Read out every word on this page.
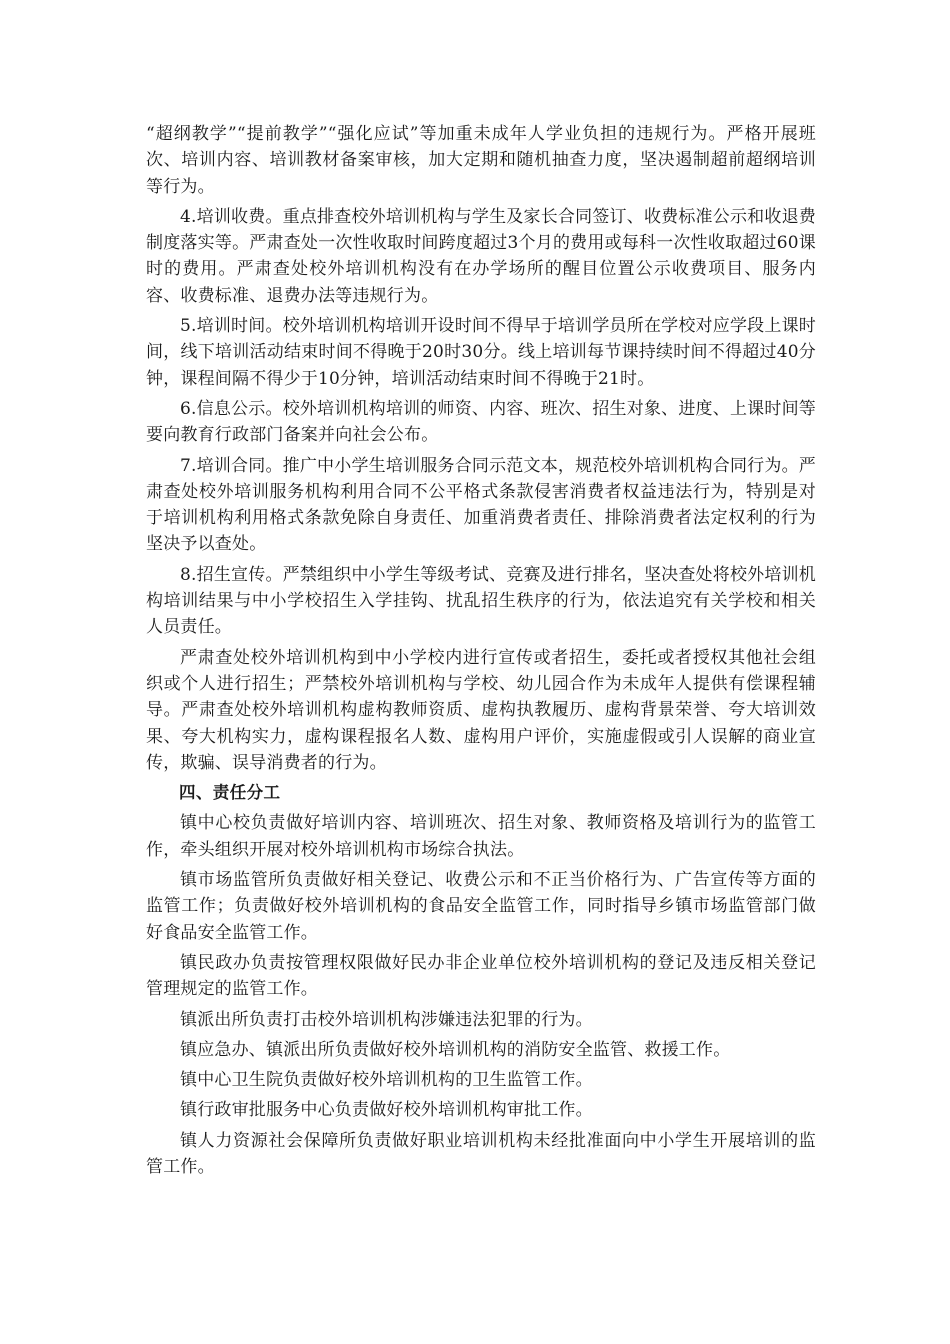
“超纲教学”“提前教学”“强化应试”等加重未成年人学业负担的违规行为。严格开展班次、培训内容、培训教材备案审核，加大定期和随机抽查力度，坚决遏制超前超纲培训等行为。

4.培训收费。重点排查校外培训机构与学生及家长合同签订、收费标准公示和收退费制度落实等。严肃查处一次性收取时间跨度超过3个月的费用或每科一次性收取超过60课时的费用。严肃查处校外培训机构没有在办学场所的醒目位置公示收费项目、服务内容、收费标准、退费办法等违规行为。

5.培训时间。校外培训机构培训开设时间不得早于培训学员所在学校对应学段上课时间，线下培训活动结束时间不得晚于20时30分。线上培训每节课持续时间不得超过40分钟，课程间隔不得少于10分钟，培训活动结束时间不得晚于21时。

6.信息公示。校外培训机构培训的师资、内容、班次、招生对象、进度、上课时间等要向教育行政部门备案并向社会公布。

7.培训合同。推广中小学生培训服务合同示范文本，规范校外培训机构合同行为。严肃查处校外培训服务机构利用合同不公平格式条款侵害消费者权益违法行为，特别是对于培训机构利用格式条款免除自身责任、加重消费者责任、排除消费者法定权利的行为坚决予以查处。

8.招生宣传。严禁组织中小学生等级考试、竞赛及进行排名，坚决查处将校外培训机构培训结果与中小学校招生入学挂钩、扰乱招生秩序的行为，依法追究有关学校和相关人员责任。

严肃查处校外培训机构到中小学校内进行宣传或者招生，委托或者授权其他社会组织或个人进行招生；严禁校外培训机构与学校、幼儿园合作为未成年人提供有偿课程辅导。严肃查处校外培训机构虚构教师资质、虚构执教履历、虚构背景荣誉、夸大培训效果、夸大机构实力，虚构课程报名人数、虚构用户评价，实施虚假或引人误解的商业宣传，欺骗、误导消费者的行为。

四、责任分工

镇中心校负责做好培训内容、培训班次、招生对象、教师资格及培训行为的监管工作，牵头组织开展对校外培训机构市场综合执法。

镇市场监管所负责做好相关登记、收费公示和不正当价格行为、广告宣传等方面的监管工作；负责做好校外培训机构的食品安全监管工作，同时指导乡镇市场监管部门做好食品安全监管工作。

镇民政办负责按管理权限做好民办非企业单位校外培训机构的登记及违反相关登记管理规定的监管工作。

镇派出所负责打击校外培训机构涉嫌违法犯罪的行为。

镇应急办、镇派出所负责做好校外培训机构的消防安全监管、救援工作。

镇中心卫生院负责做好校外培训机构的卫生监管工作。

镇行政审批服务中心负责做好校外培训机构审批工作。

镇人力资源社会保障所负责做好职业培训机构未经批准面向中小学生开展培训的监管工作。
